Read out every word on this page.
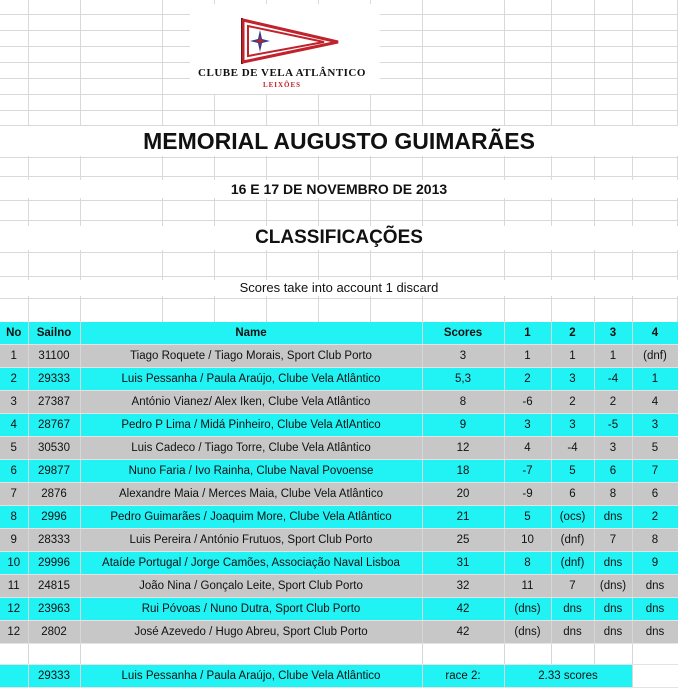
CLUBE DE VELA ATLÂNTICO
LEIXÕES
MEMORIAL AUGUSTO GUIMARÃES
16 E 17 DE NOVEMBRO DE 2013
CLASSIFICAÇÕES
Scores take into account 1 discard
No	Sailno	Name	Scores	1	2	3	4
1	31100	Tiago Roquete / Tiago Morais, Sport Club Porto	3	1	1	1	(dnf)
2	29333	Luis Pessanha / Paula Araújo, Clube Vela Atlântico	5,3	2	3	-4	1
3	27387	António Vianez/ Alex Iken, Clube Vela Atlântico	8	-6	2	2	4
4	28767	Pedro P Lima / Midá Pinheiro, Clube Vela AtlAntico	9	3	3	-5	3
5	30530	Luis Cadeco / Tiago Torre, Clube Vela Atlântico	12	4	-4	3	5
6	29877	Nuno Faria / Ivo Rainha, Clube Naval Povoense	18	-7	5	6	7
7	2876	Alexandre Maia / Merces Maia, Clube Vela Atlântico	20	-9	6	8	6
8	2996	Pedro Guimarães / Joaquim More, Clube Vela Atlântico	21	5	(ocs)	dns	2
9	28333	Luis Pereira / António Frutuos, Sport Club Porto	25	10	(dnf)	7	8
10	29996	Ataíde Portugal / Jorge Camões, Associação Naval Lisboa	31	8	(dnf)	dns	9
11	24815	João Nina / Gonçalo Leite, Sport Club Porto	32	11	7	(dns)	dns
12	23963	Rui Póvoas / Nuno Dutra, Sport Club Porto	42	(dns)	dns	dns	dns
12	2802	José Azevedo / Hugo Abreu, Sport Club Porto	42	(dns)	dns	dns	dns

	29333	Luis Pessanha / Paula Araújo, Clube Vela Atlântico	race 2:	2.33 scores			
